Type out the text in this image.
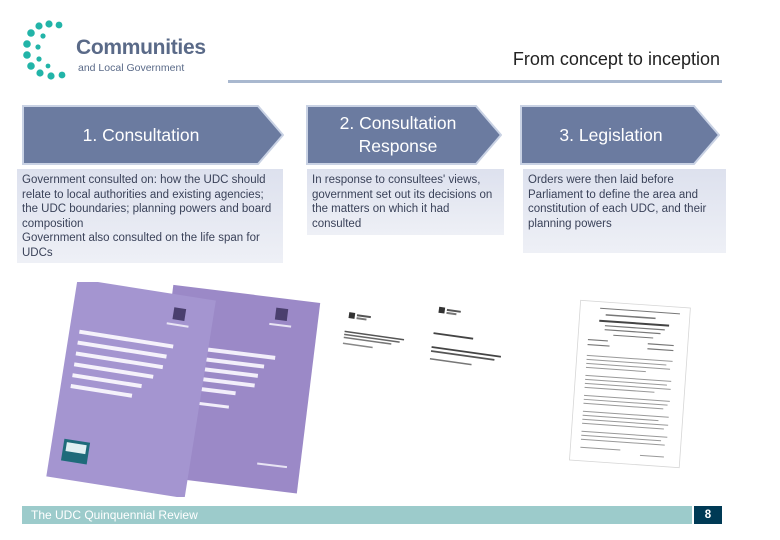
Communities
and Local Government	From concept to inception
1. Consultation
2. Consultation Response
3. Legislation
Government consulted on: how the UDC should relate to local authorities and existing agencies; the UDC boundaries; planning powers and board composition
Government also consulted on the life span for UDCs
In response to consultees' views, government set out its decisions on the matters on which it had consulted
Orders were then laid before Parliament to define the area and constitution of each UDC, and their planning powers
The UDC Quinquennial Review	8
